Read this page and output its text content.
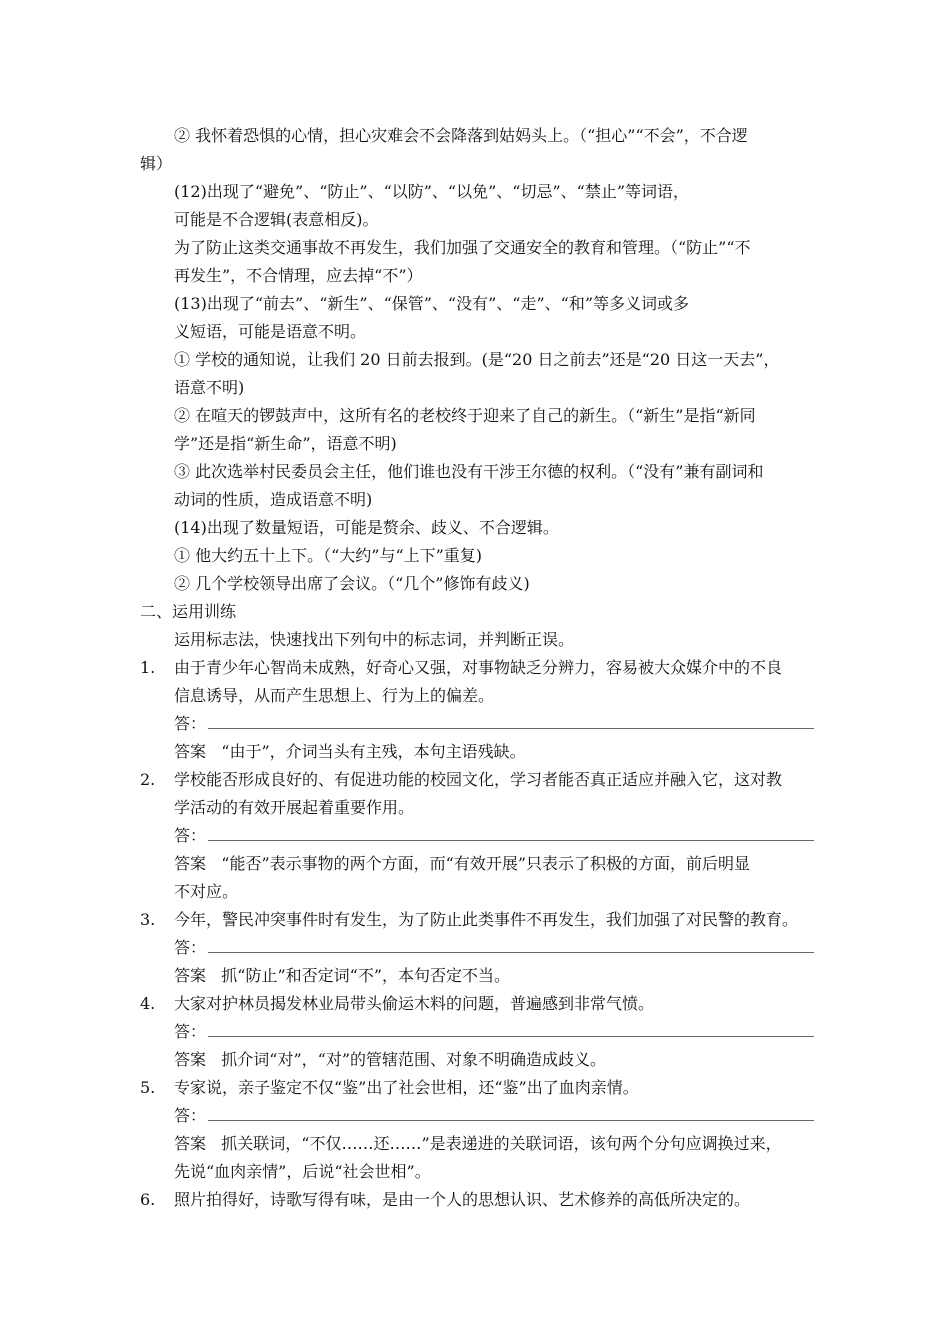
② 我怀着恐惧的心情，担心灾难会不会降落到姑妈头上。（“担心”“不会”，不合逻
辑）
(12)出现了“避免”、“防止”、“以防”、“以免”、“切忌”、“禁止”等词语，
可能是不合逻辑(表意相反)。
为了防止这类交通事故不再发生，我们加强了交通安全的教育和管理。（“防止”“不
再发生”，不合情理，应去掉“不”）
(13)出现了“前去”、“新生”、“保管”、“没有”、“走”、“和”等多义词或多
义短语，可能是语意不明。
① 学校的通知说，让我们 20 日前去报到。(是“20 日之前去”还是“20 日这一天去”，
语意不明)
② 在喧天的锣鼓声中，这所有名的老校终于迎来了自己的新生。（“新生”是指“新同
学”还是指“新生命”，语意不明)
③ 此次选举村民委员会主任，他们谁也没有干涉王尔德的权利。（“没有”兼有副词和
动词的性质，造成语意不明)
(14)出现了数量短语，可能是赘余、歧义、不合逻辑。
① 他大约五十上下。（“大约”与“上下”重复)
② 几个学校领导出席了会议。（“几个”修饰有歧义)
二、运用训练
运用标志法，快速找出下列句中的标志词，并判断正误。
1. 由于青少年心智尚未成熟，好奇心又强，对事物缺乏分辨力，容易被大众媒介中的不良
信息诱导，从而产生思想上、行为上的偏差。
答：
答案 “由于”，介词当头有主残，本句主语残缺。
2. 学校能否形成良好的、有促进功能的校园文化，学习者能否真正适应并融入它，这对教
学活动的有效开展起着重要作用。
答：
答案 “能否”表示事物的两个方面，而“有效开展”只表示了积极的方面，前后明显
不对应。
3. 今年，警民冲突事件时有发生，为了防止此类事件不再发生，我们加强了对民警的教育。
答：
答案 抓“防止”和否定词“不”，本句否定不当。
4. 大家对护林员揭发林业局带头偷运木料的问题，普遍感到非常气愤。
答：
答案 抓介词“对”，“对”的管辖范围、对象不明确造成歧义。
5. 专家说，亲子鉴定不仅“鉴”出了社会世相，还“鉴”出了血肉亲情。
答：
答案 抓关联词，“不仅……还……”是表递进的关联词语，该句两个分句应调换过来，
先说“血肉亲情”，后说“社会世相”。
6. 照片拍得好，诗歌写得有味，是由一个人的思想认识、艺术修养的高低所决定的。
